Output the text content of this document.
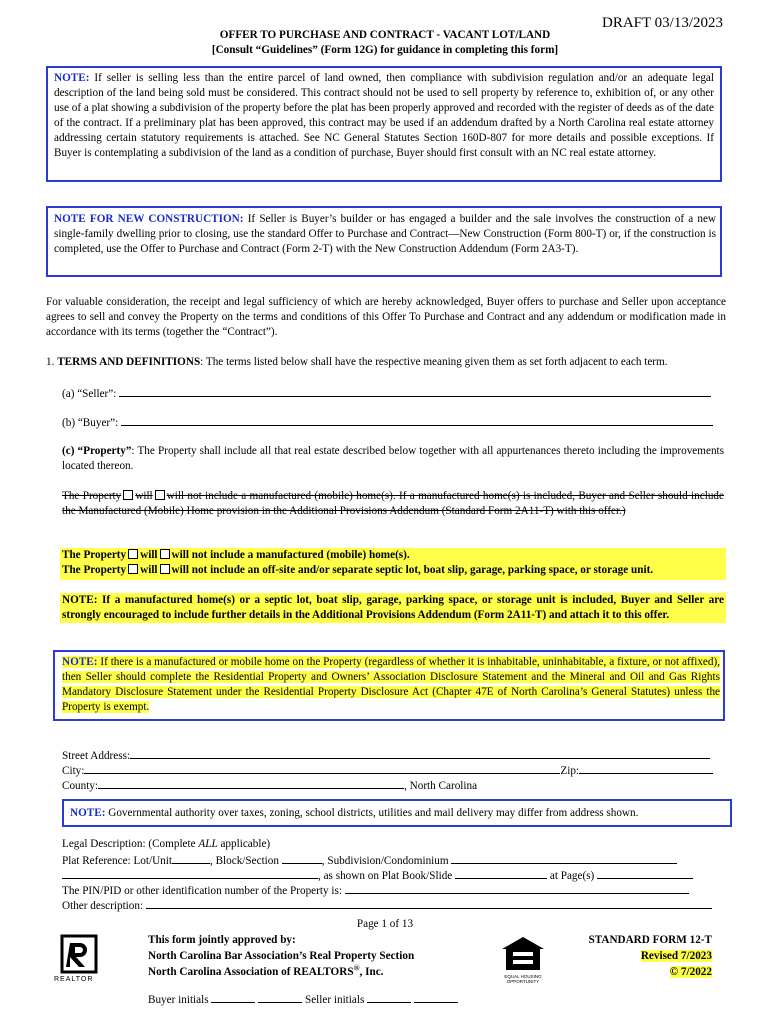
DRAFT 03/13/2023
OFFER TO PURCHASE AND CONTRACT - VACANT LOT/LAND
[Consult “Guidelines” (Form 12G) for guidance in completing this form]
NOTE: If seller is selling less than the entire parcel of land owned, then compliance with subdivision regulation and/or an adequate legal description of the land being sold must be considered. This contract should not be used to sell property by reference to, exhibition of, or any other use of a plat showing a subdivision of the property before the plat has been properly approved and recorded with the register of deeds as of the date of the contract. If a preliminary plat has been approved, this contract may be used if an addendum drafted by a North Carolina real estate attorney addressing certain statutory requirements is attached. See NC General Statutes Section 160D-807 for more details and possible exceptions. If Buyer is contemplating a subdivision of the land as a condition of purchase, Buyer should first consult with an NC real estate attorney.
NOTE FOR NEW CONSTRUCTION: If Seller is Buyer’s builder or has engaged a builder and the sale involves the construction of a new single-family dwelling prior to closing, use the standard Offer to Purchase and Contract—New Construction (Form 800-T) or, if the construction is completed, use the Offer to Purchase and Contract (Form 2-T) with the New Construction Addendum (Form 2A3-T).
For valuable consideration, the receipt and legal sufficiency of which are hereby acknowledged, Buyer offers to purchase and Seller upon acceptance agrees to sell and convey the Property on the terms and conditions of this Offer To Purchase and Contract and any addendum or modification made in accordance with its terms (together the “Contract”).
1. TERMS AND DEFINITIONS: The terms listed below shall have the respective meaning given them as set forth adjacent to each term.
(a) “Seller”:
(b) “Buyer”:
(c) “Property”: The Property shall include all that real estate described below together with all appurtenances thereto including the improvements located thereon.
The Property will will not include a manufactured (mobile) home(s). If a manufactured home(s) is included, Buyer and Seller should include the Manufactured (Mobile) Home provision in the Additional Provisions Addendum (Standard Form 2A11-T) with this offer.)
The Property will will not include a manufactured (mobile) home(s).
The Property will will not include an off-site and/or separate septic lot, boat slip, garage, parking space, or storage unit.
NOTE: If a manufactured home(s) or a septic lot, boat slip, garage, parking space, or storage unit is included, Buyer and Seller are strongly encouraged to include further details in the Additional Provisions Addendum (Form 2A11-T) and attach it to this offer.
NOTE: If there is a manufactured or mobile home on the Property (regardless of whether it is inhabitable, uninhabitable, a fixture, or not affixed), then Seller should complete the Residential Property and Owners’ Association Disclosure Statement and the Mineral and Oil and Gas Rights Mandatory Disclosure Statement under the Residential Property Disclosure Act (Chapter 47E of North Carolina’s General Statutes) unless the Property is exempt.
Street Address:
City:	Zip:
County:	, North Carolina
NOTE: Governmental authority over taxes, zoning, school districts, utilities and mail delivery may differ from address shown.
Legal Description: (Complete ALL applicable)
Plat Reference: Lot/Unit	, Block/Section	, Subdivision/Condominium
, as shown on Plat Book/Slide	at Page(s)
The PIN/PID or other identification number of the Property is:
Other description:
Page 1 of 13
REALTOR
This form jointly approved by:
North Carolina Bar Association’s Real Property Section
North Carolina Association of REALTORS®, Inc.	EQUAL HOUSING OPPORTUNITY
STANDARD FORM 12-T
Revised 7/2023
© 7/2022
Buyer initials	Seller initials
